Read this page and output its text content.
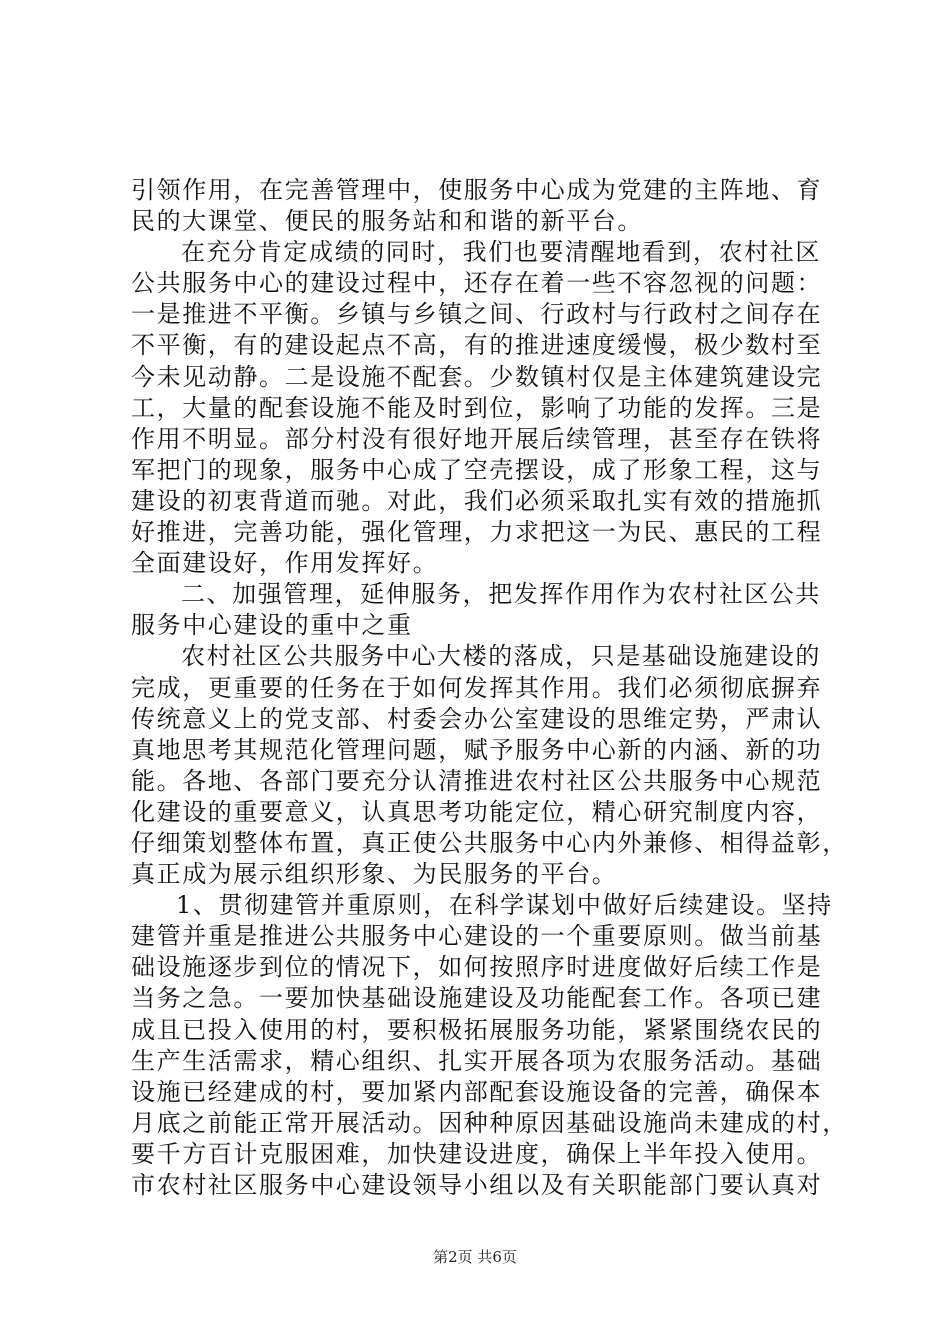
引领作用，在完善管理中，使服务中心成为党建的主阵地、育
民的大课堂、便民的服务站和和谐的新平台。
在充分肯定成绩的同时，我们也要清醒地看到，农村社区
公共服务中心的建设过程中，还存在着一些不容忽视的问题：
一是推进不平衡。乡镇与乡镇之间、行政村与行政村之间存在
不平衡，有的建设起点不高，有的推进速度缓慢，极少数村至
今未见动静。二是设施不配套。少数镇村仅是主体建筑建设完
工，大量的配套设施不能及时到位，影响了功能的发挥。三是
作用不明显。部分村没有很好地开展后续管理，甚至存在铁将
军把门的现象，服务中心成了空壳摆设，成了形象工程，这与
建设的初衷背道而驰。对此，我们必须采取扎实有效的措施抓
好推进，完善功能，强化管理，力求把这一为民、惠民的工程
全面建设好，作用发挥好。
二、加强管理，延伸服务，把发挥作用作为农村社区公共
服务中心建设的重中之重
农村社区公共服务中心大楼的落成，只是基础设施建设的
完成，更重要的任务在于如何发挥其作用。我们必须彻底摒弃
传统意义上的党支部、村委会办公室建设的思维定势，严肃认
真地思考其规范化管理问题，赋予服务中心新的内涵、新的功
能。各地、各部门要充分认清推进农村社区公共服务中心规范
化建设的重要意义，认真思考功能定位，精心研究制度内容，
仔细策划整体布置，真正使公共服务中心内外兼修、相得益彰，
真正成为展示组织形象、为民服务的平台。
1、贯彻建管并重原则，在科学谋划中做好后续建设。坚持
建管并重是推进公共服务中心建设的一个重要原则。做当前基
础设施逐步到位的情况下，如何按照序时进度做好后续工作是
当务之急。一要加快基础设施建设及功能配套工作。各项已建
成且已投入使用的村，要积极拓展服务功能，紧紧围绕农民的
生产生活需求，精心组织、扎实开展各项为农服务活动。基础
设施已经建成的村，要加紧内部配套设施设备的完善，确保本
月底之前能正常开展活动。因种种原因基础设施尚未建成的村，
要千方百计克服困难，加快建设进度，确保上半年投入使用。
市农村社区服务中心建设领导小组以及有关职能部门要认真对
第2页 共6页
